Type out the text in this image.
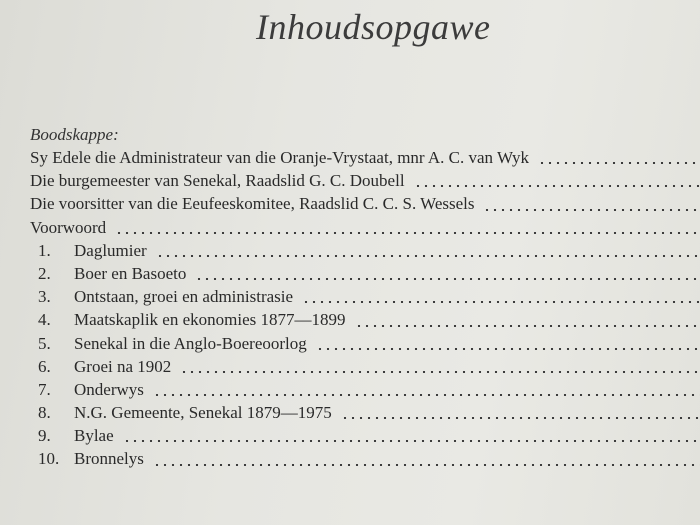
Inhoudsopgawe
Boodskappe:
Sy Edele die Administrateur van die Oranje-Vrystaat, mnr A. C. van Wyk
Die burgemeester van Senekal, Raadslid G. C. Doubell
Die voorsitter van die Eeufeeskomitee, Raadslid C. C. S. Wessels
Voorwoord
1. Daglumier
2. Boer en Basoeto
3. Ontstaan, groei en administrasie
4. Maatskaplik en ekonomies 1877—1899
5. Senekal in die Anglo-Boereoorlog
6. Groei na 1902
7. Onderwys
8. N.G. Gemeente, Senekal 1879—1975
9. Bylae
10. Bronnelys
